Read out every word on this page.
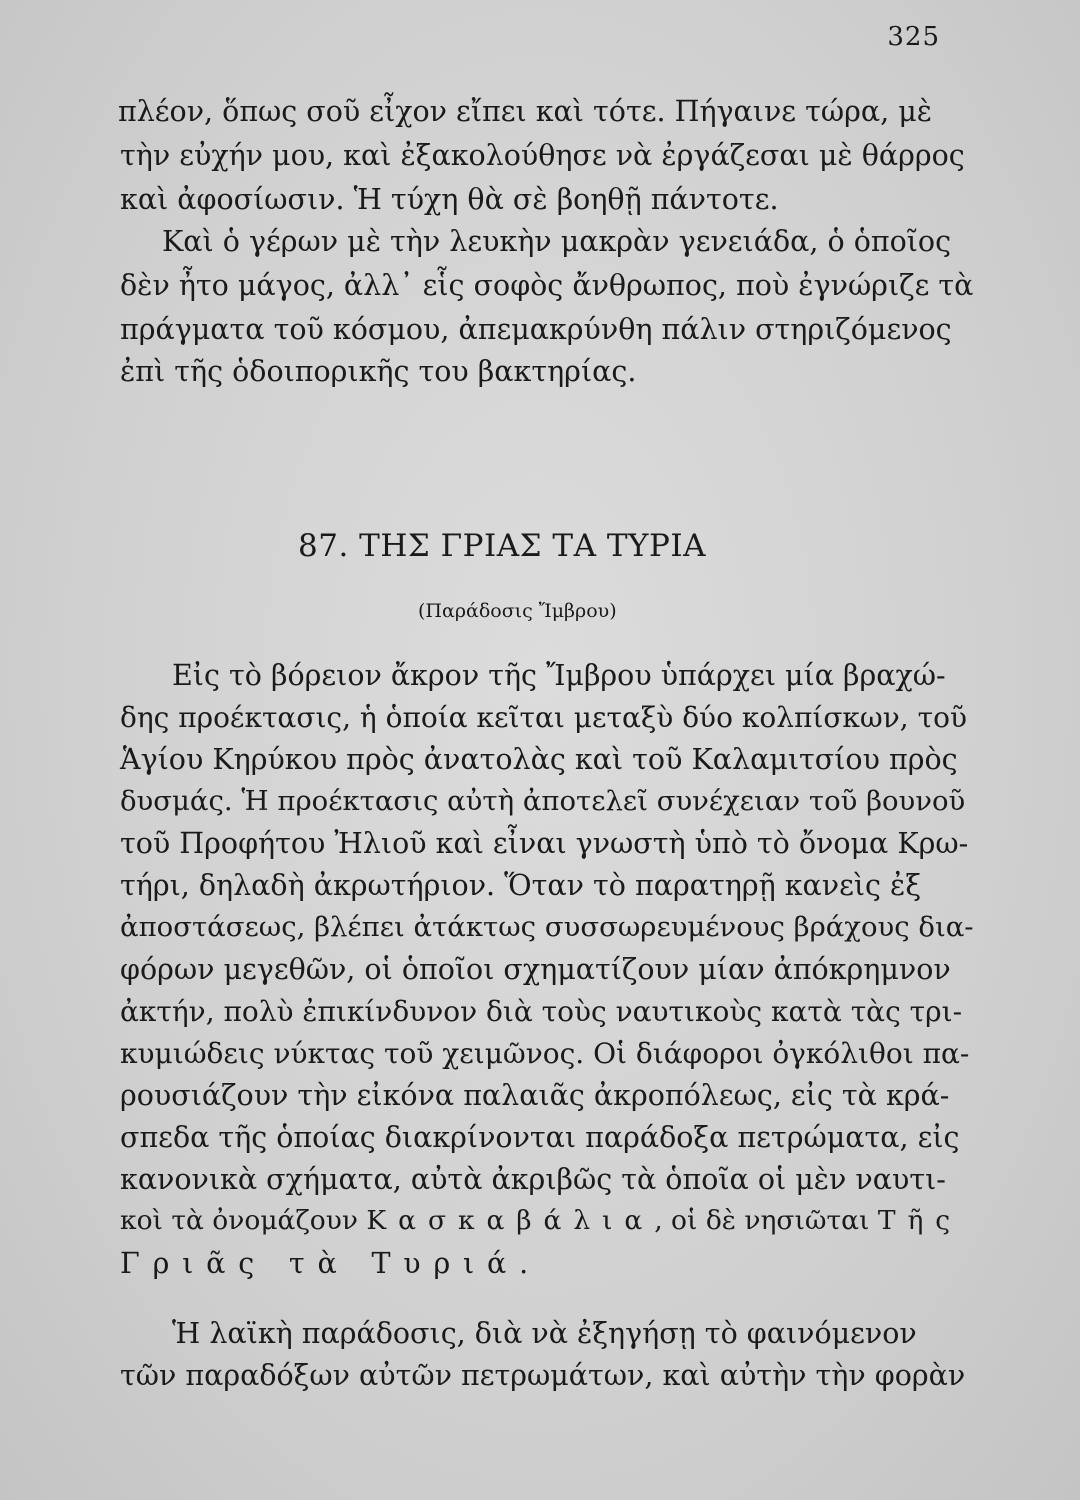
325
πλέον, ὅπως σοῦ εἶχον εἴπει καὶ τότε. Πήγαινε τώρα, μὲ
τὴν εὐχήν μου, καὶ ἐξακολούθησε νὰ ἐργάζεσαι μὲ θάρρος
καὶ ἀφοσίωσιν. Ἡ τύχη θὰ σὲ βοηθῇ πάντοτε.
Καὶ ὁ γέρων μὲ τὴν λευκὴν μακρὰν γενειάδα, ὁ ὁποῖος
δὲν ἦτο μάγος, ἀλλ᾽ εἷς σοφὸς ἄνθρωπος, ποὺ ἐγνώριζε τὰ
πράγματα τοῦ κόσμου, ἀπεμακρύνθη πάλιν στηριζόμενος
ἐπὶ τῆς ὁδοιπορικῆς του βακτηρίας.
87. ΤΗΣ ΓΡΙΑΣ ΤΑ ΤΥΡΙΑ
(Παράδοσις Ἴμβρου)
Εἰς τὸ βόρειον ἄκρον τῆς Ἴμβρου ὑπάρχει μία βραχώ-
δης προέκτασις, ἡ ὁποία κεῖται μεταξὺ δύο κολπίσκων, τοῦ
Ἁγίου Κηρύκου πρὸς ἀνατολὰς καὶ τοῦ Καλαμιτσίου πρὸς
δυσμάς. Ἡ προέκτασις αὐτὴ ἀποτελεῖ συνέχειαν τοῦ βουνοῦ
τοῦ Προφήτου Ἠλιοῦ καὶ εἶναι γνωστὴ ὑπὸ τὸ ὄνομα Κρω-
τήρι, δηλαδὴ ἀκρωτήριον. Ὅταν τὸ παρατηρῇ κανεὶς ἐξ
ἀποστάσεως, βλέπει ἀτάκτως συσσωρευμένους βράχους δια-
φόρων μεγεθῶν, οἱ ὁποῖοι σχηματίζουν μίαν ἀπόκρημνον
ἀκτήν, πολὺ ἐπικίνδυνον διὰ τοὺς ναυτικοὺς κατὰ τὰς τρι-
κυμιώδεις νύκτας τοῦ χειμῶνος. Οἱ διάφοροι ὀγκόλιθοι πα-
ρουσιάζουν τὴν εἰκόνα παλαιᾶς ἀκροπόλεως, εἰς τὰ κρά-
σπεδα τῆς ὁποίας διακρίνονται παράδοξα πετρώματα, εἰς
κανονικὰ σχήματα, αὐτὰ ἀκριβῶς τὰ ὁποῖα οἱ μὲν ναυτι-
κοὶ τὰ ὀνομάζουν Κασκαβάλια, οἱ δὲ νησιῶται Τῆς
Γριᾶς τὰ Τυριά.
Ἡ λαϊκὴ παράδοσις, διὰ νὰ ἐξηγήσῃ τὸ φαινόμενον
τῶν παραδόξων αὐτῶν πετρωμάτων, καὶ αὐτὴν τὴν φορὰν
